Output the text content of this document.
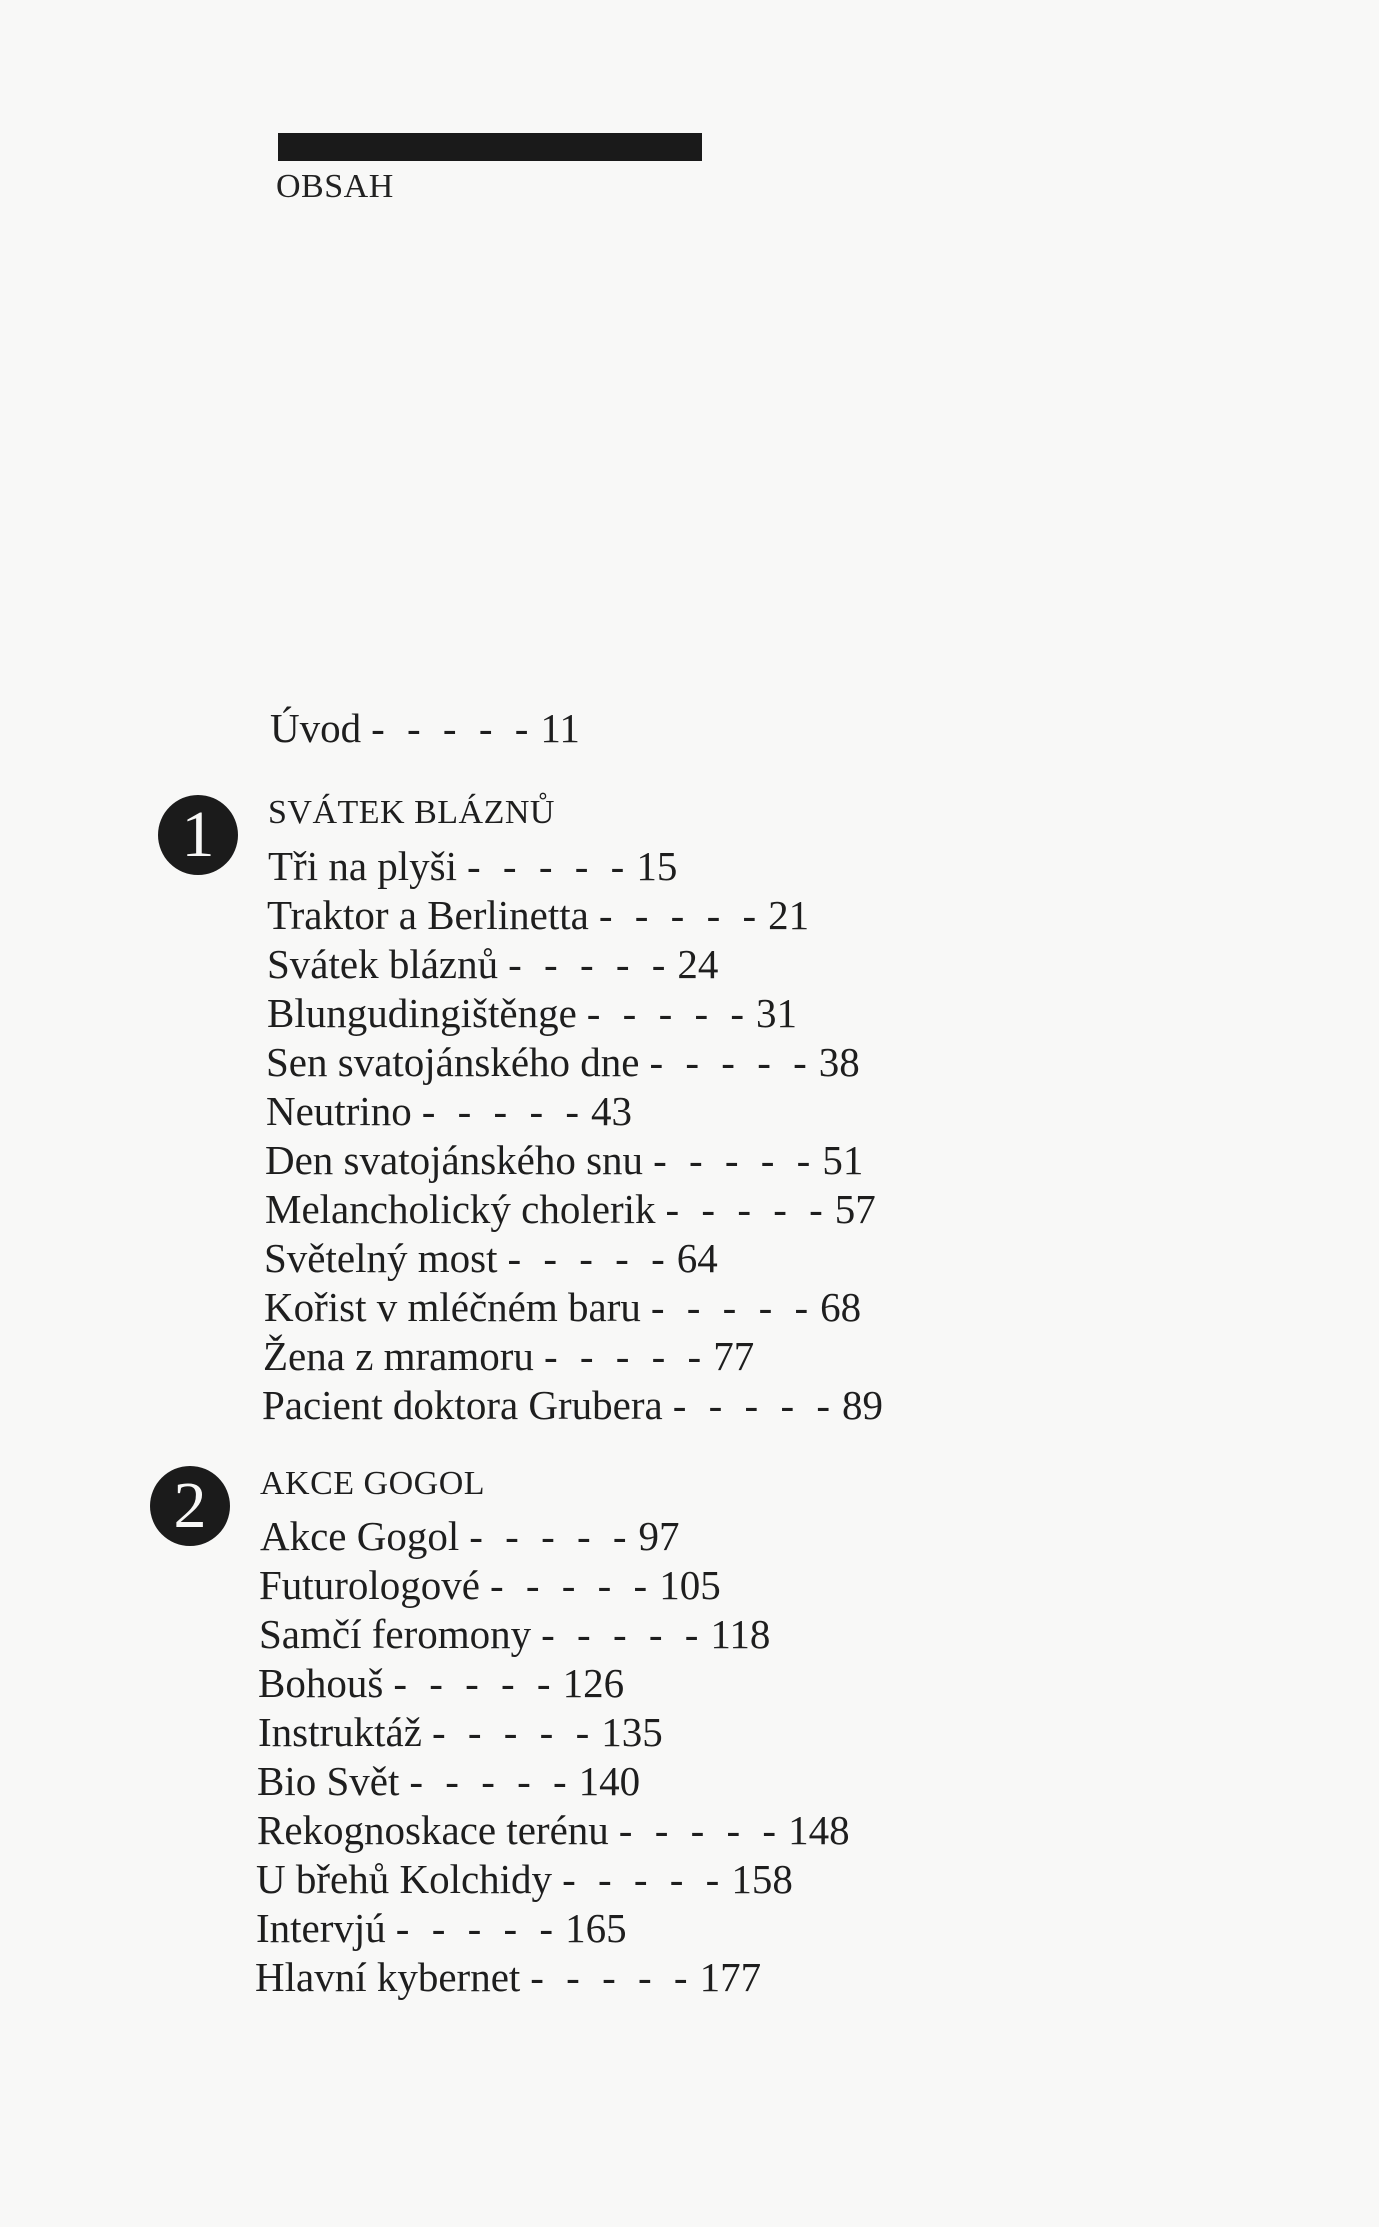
OBSAH
Úvod - - - - - 11
1	SVÁTEK BLÁZNŮ
Tři na plyši - - - - - 15
Traktor a Berlinetta - - - - - 21
Svátek bláznů - - - - - 24
Blungudingištěnge - - - - - 31
Sen svatojánského dne - - - - - 38
Neutrino - - - - - 43
Den svatojánského snu - - - - - 51
Melancholický cholerik - - - - - 57
Světelný most - - - - - 64
Kořist v mléčném baru - - - - - 68
Žena z mramoru - - - - - 77
Pacient doktora Grubera - - - - - 89
2	AKCE GOGOL
Akce Gogol - - - - - 97
Futurologové - - - - - 105
Samčí feromony - - - - - 118
Bohouš - - - - - 126
Instruktáž - - - - - 135
Bio Svět - - - - - 140
Rekognoskace terénu - - - - - 148
U břehů Kolchidy - - - - - 158
Intervjú - - - - - 165
Hlavní kybernet - - - - - 177
